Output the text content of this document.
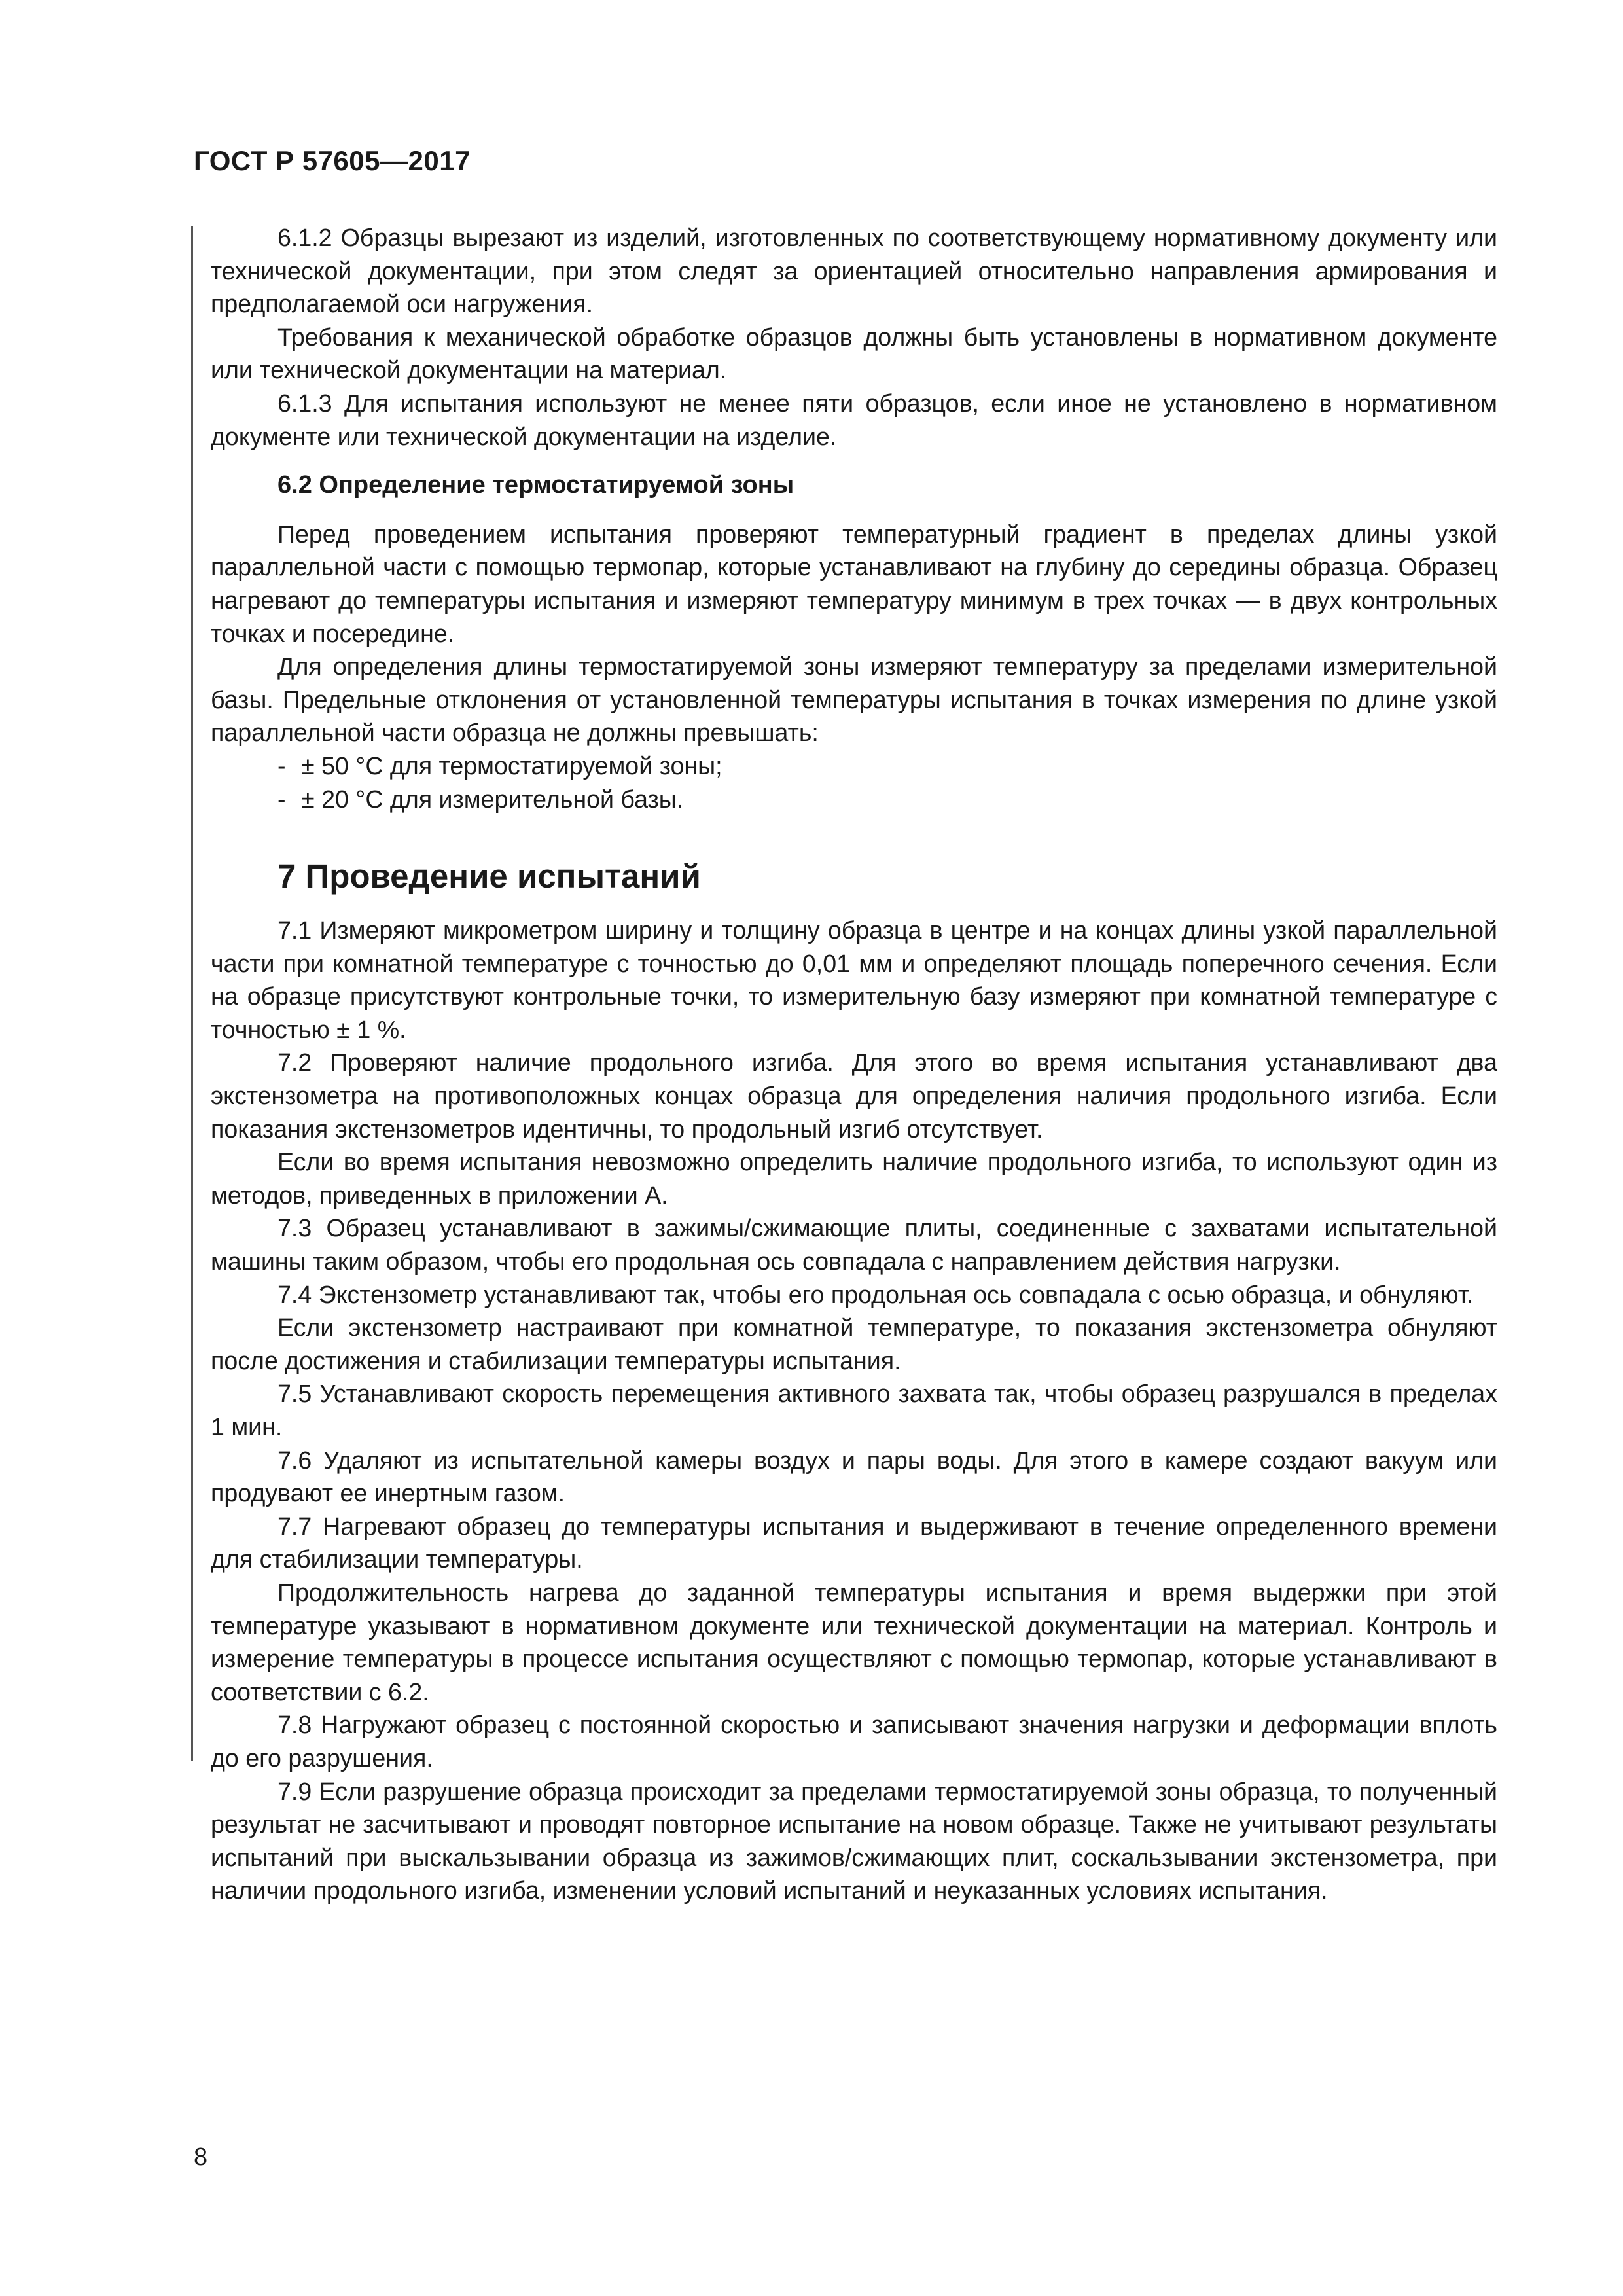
ГОСТ Р 57605—2017

6.1.2 Образцы вырезают из изделий, изготовленных по соответствующему нормативному документу или технической документации, при этом следят за ориентацией относительно направления армирования и предполагаемой оси нагружения.

Требования к механической обработке образцов должны быть установлены в нормативном документе или технической документации на материал.

6.1.3 Для испытания используют не менее пяти образцов, если иное не установлено в нормативном документе или технической документации на изделие.

6.2 Определение термостатируемой зоны

Перед проведением испытания проверяют температурный градиент в пределах длины узкой параллельной части с помощью термопар, которые устанавливают на глубину до середины образца. Образец нагревают до температуры испытания и измеряют температуру минимум в трех точках — в двух контрольных точках и посередине.

Для определения длины термостатируемой зоны измеряют температуру за пределами измерительной базы. Предельные отклонения от установленной температуры испытания в точках измерения по длине узкой параллельной части образца не должны превышать:

- ± 50 °С для термостатируемой зоны;
- ± 20 °С для измерительной базы.
7 Проведение испытаний

7.1 Измеряют микрометром ширину и толщину образца в центре и на концах длины узкой параллельной части при комнатной температуре с точностью до 0,01 мм и определяют площадь поперечного сечения. Если на образце присутствуют контрольные точки, то измерительную базу измеряют при комнатной температуре с точностью ± 1 %.

7.2 Проверяют наличие продольного изгиба. Для этого во время испытания устанавливают два экстензометра на противоположных концах образца для определения наличия продольного изгиба. Если показания экстензометров идентичны, то продольный изгиб отсутствует.

Если во время испытания невозможно определить наличие продольного изгиба, то используют один из методов, приведенных в приложении А.

7.3 Образец устанавливают в зажимы/сжимающие плиты, соединенные с захватами испытательной машины таким образом, чтобы его продольная ось совпадала с направлением действия нагрузки.

7.4 Экстензометр устанавливают так, чтобы его продольная ось совпадала с осью образца, и обнуляют.

Если экстензометр настраивают при комнатной температуре, то показания экстензометра обнуляют после достижения и стабилизации температуры испытания.

7.5 Устанавливают скорость перемещения активного захвата так, чтобы образец разрушался в пределах 1 мин.

7.6 Удаляют из испытательной камеры воздух и пары воды. Для этого в камере создают вакуум или продувают ее инертным газом.

7.7 Нагревают образец до температуры испытания и выдерживают в течение определенного времени для стабилизации температуры.

Продолжительность нагрева до заданной температуры испытания и время выдержки при этой температуре указывают в нормативном документе или технической документации на материал. Контроль и измерение температуры в процессе испытания осуществляют с помощью термопар, которые устанавливают в соответствии с 6.2.

7.8 Нагружают образец с постоянной скоростью и записывают значения нагрузки и деформации вплоть до его разрушения.

7.9 Если разрушение образца происходит за пределами термостатируемой зоны образца, то полученный результат не засчитывают и проводят повторное испытание на новом образце. Также не учитывают результаты испытаний при выскальзывании образца из зажимов/сжимающих плит, соскальзывании экстензометра, при наличии продольного изгиба, изменении условий испытаний и неуказанных условиях испытания.

8
